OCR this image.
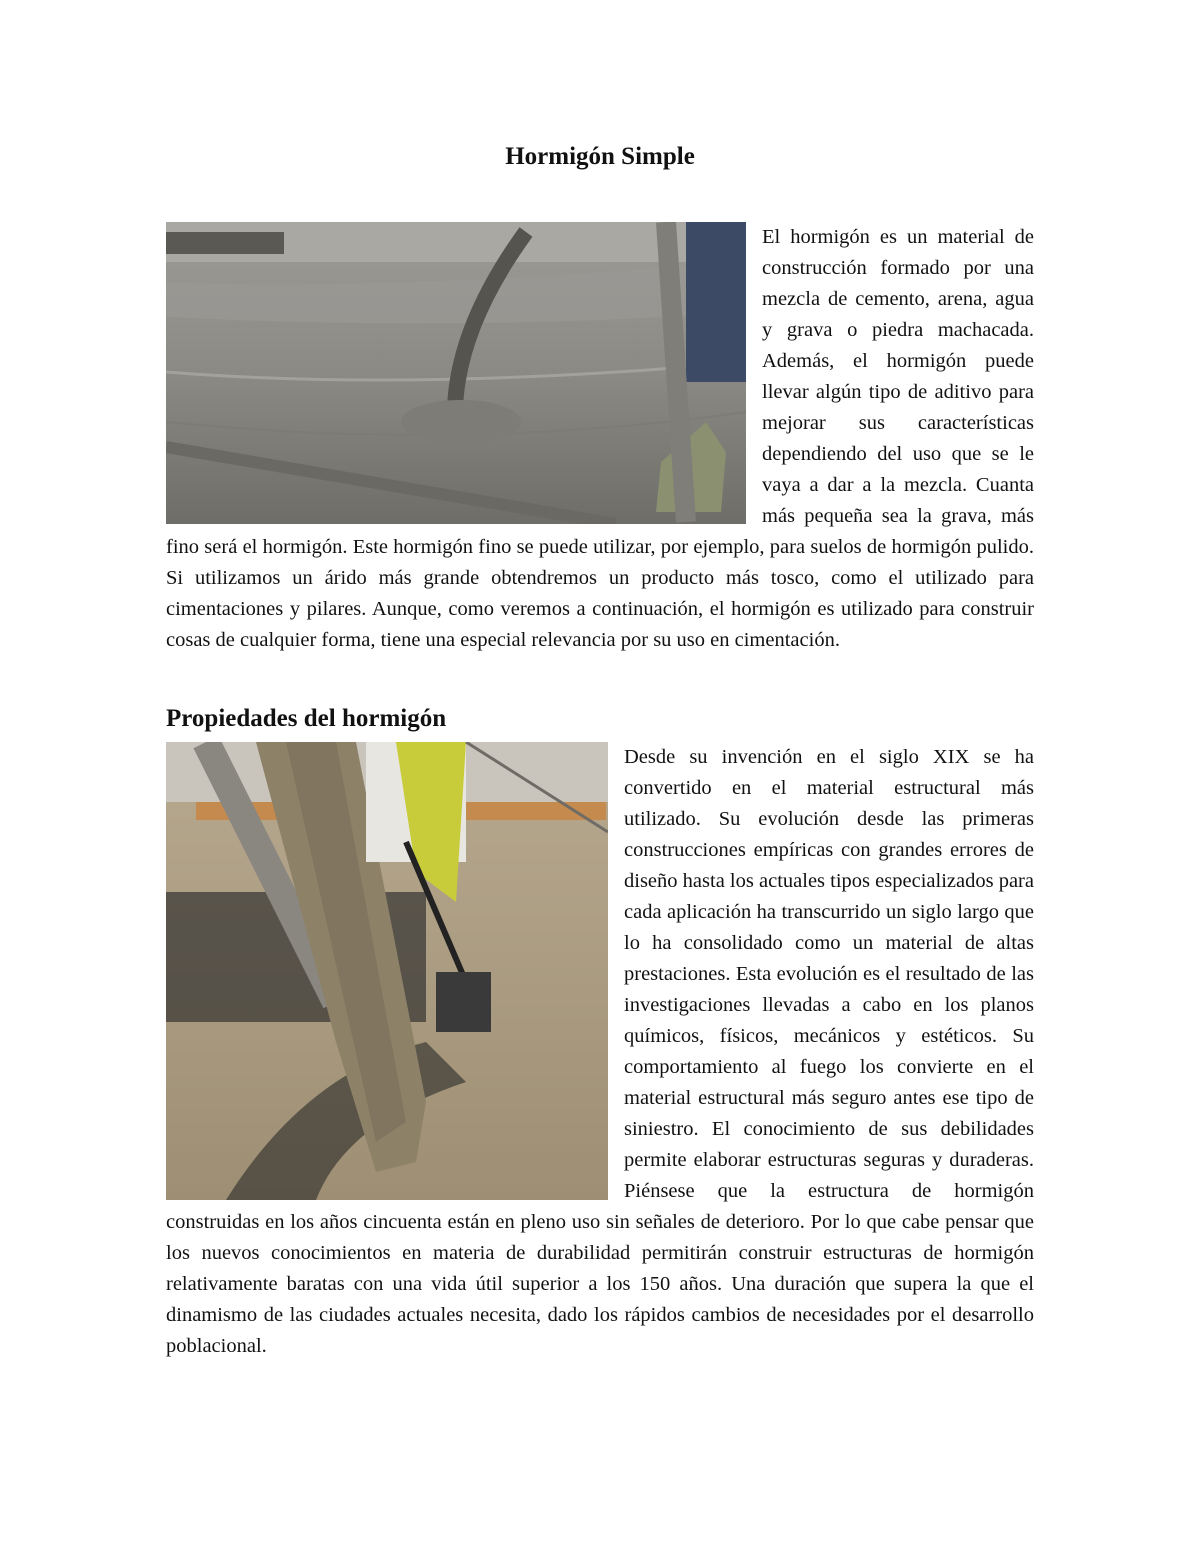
Hormigón Simple

El hormigón es un material de construcción formado por una mezcla de cemento, arena, agua y grava o piedra machacada. Además, el hormigón puede llevar algún tipo de aditivo para mejorar sus características dependiendo del uso que se le vaya a dar a la mezcla. Cuanta más pequeña sea la grava, más fino será el hormigón. Este hormigón fino se puede utilizar, por ejemplo, para suelos de hormigón pulido. Si utilizamos un árido más grande obtendremos un producto más tosco, como el utilizado para cimentaciones y pilares. Aunque, como veremos a continuación, el hormigón es utilizado para construir cosas de cualquier forma, tiene una especial relevancia por su uso en cimentación.

Propiedades del hormigón

Desde su invención en el siglo XIX se ha convertido en el material estructural más utilizado. Su evolución desde las primeras construcciones empíricas con grandes errores de diseño hasta los actuales tipos especializados para cada aplicación ha transcurrido un siglo largo que lo ha consolidado como un material de altas prestaciones. Esta evolución es el resultado de las investigaciones llevadas a cabo en los planos químicos, físicos, mecánicos y estéticos. Su comportamiento al fuego los convierte en el material estructural más seguro antes ese tipo de siniestro. El conocimiento de sus debilidades permite elaborar estructuras seguras y duraderas. Piénsese que la estructura de hormigón construidas en los años cincuenta están en pleno uso sin señales de deterioro. Por lo que cabe pensar que los nuevos conocimientos en materia de durabilidad permitirán construir estructuras de hormigón relativamente baratas con una vida útil superior a los 150 años. Una duración que supera la que el dinamismo de las ciudades actuales necesita, dado los rápidos cambios de necesidades por el desarrollo poblacional.
